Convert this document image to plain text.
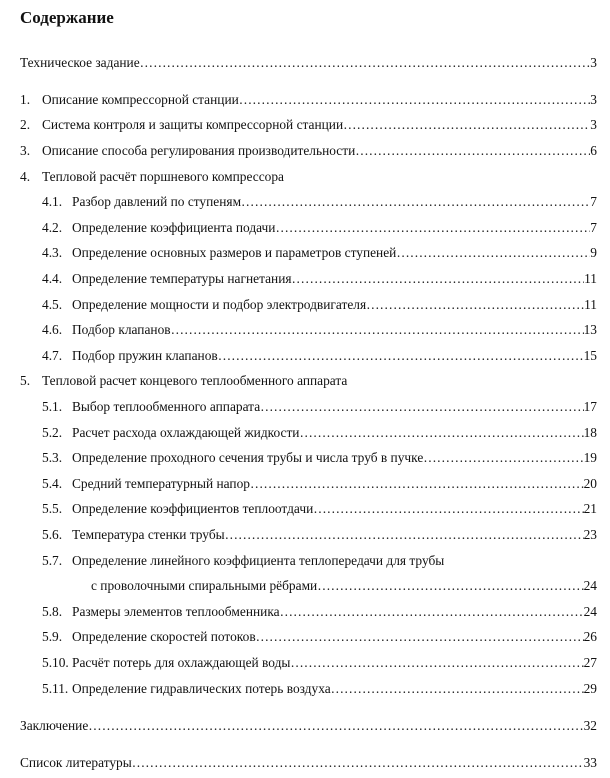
Содержание
Техническое задание ……………………………………………………………………………………………………………………………………………………………………………	3
1. Описание компрессорной станции ……………………………………………………………………………………………………………………………………………………………………………	3
2. Система контроля и защиты компрессорной станции ……………………………………………………………………………………………………………………………………………………………………………	3
3. Описание способа регулирования производительности ……………………………………………………………………………………………………………………………………………………………………………	6
4. Тепловой расчёт поршневого компрессора
4.1. Разбор давлений по ступеням ……………………………………………………………………………………………………………………………………………………………………………	7
4.2. Определение коэффициента подачи ……………………………………………………………………………………………………………………………………………………………………………	7
4.3. Определение основных размеров и параметров ступеней ……………………………………………………………………………………………………………………………………………………………………………	9
4.4. Определение температуры нагнетания ……………………………………………………………………………………………………………………………………………………………………………	11
4.5. Определение мощности и подбор электродвигателя ……………………………………………………………………………………………………………………………………………………………………………	11
4.6. Подбор клапанов ……………………………………………………………………………………………………………………………………………………………………………	13
4.7. Подбор пружин клапанов ……………………………………………………………………………………………………………………………………………………………………………	15
5. Тепловой расчет концевого теплообменного аппарата
5.1. Выбор теплообменного аппарата ……………………………………………………………………………………………………………………………………………………………………………	17
5.2. Расчет расхода охлаждающей жидкости ……………………………………………………………………………………………………………………………………………………………………………	18
5.3. Определение проходного сечения трубы и числа труб в пучке ……………………………………………………………………………………………………………………………………………………………………………	19
5.4. Средний температурный напор ……………………………………………………………………………………………………………………………………………………………………………	20
5.5. Определение коэффициентов теплоотдачи ……………………………………………………………………………………………………………………………………………………………………………	21
5.6. Температура стенки трубы ……………………………………………………………………………………………………………………………………………………………………………	23
5.7. Определение линейного коэффициента теплопередачи для трубы
с проволочными спиральными рёбрами ……………………………………………………………………………………………………………………………………………………………………………	24
5.8. Размеры элементов теплообменника ……………………………………………………………………………………………………………………………………………………………………………	24
5.9. Определение скоростей потоков ……………………………………………………………………………………………………………………………………………………………………………	26
5.10. Расчёт потерь для охлаждающей воды ……………………………………………………………………………………………………………………………………………………………………………	27
5.11. Определение гидравлических потерь воздуха ……………………………………………………………………………………………………………………………………………………………………………	29
Заключение ……………………………………………………………………………………………………………………………………………………………………………	32
Список литературы ……………………………………………………………………………………………………………………………………………………………………………	33
